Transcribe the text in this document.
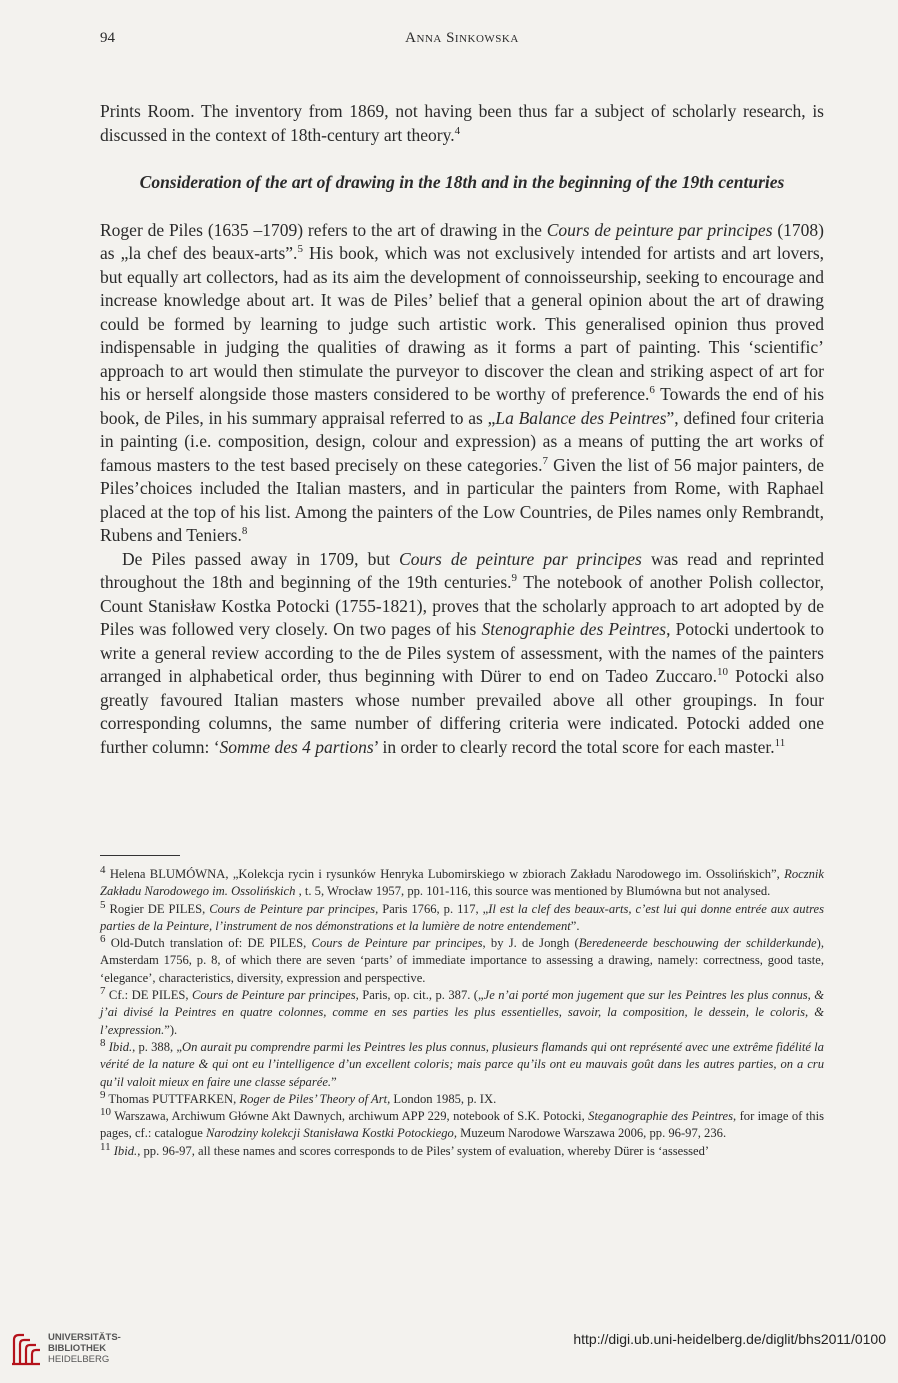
94	Anna Sinkowska

Prints Room. The inventory from 1869, not having been thus far a subject of scholarly research, is discussed in the context of 18th-century art theory.$^4$

Consideration of the art of drawing in the 18th and in the beginning of the 19th centuries

Roger de Piles (1635 –1709) refers to the art of drawing in the Cours de peinture par principes (1708) as „la chef des beaux-arts”.$^5$ His book, which was not exclusively intended for artists and art lovers, but equally art collectors, had as its aim the development of connoisseurship, seeking to encourage and increase knowledge about art. It was de Piles’ belief that a general opinion about the art of drawing could be formed by learning to judge such artistic work. This generalised opinion thus proved indispensable in judging the qualities of drawing as it forms a part of painting. This ‘scientific’ approach to art would then stimulate the purveyor to discover the clean and striking aspect of art for his or herself alongside those masters considered to be worthy of preference.$^6$ Towards the end of his book, de Piles, in his summary appraisal referred to as „La Balance des Peintres”, defined four criteria in painting (i.e. composition, design, colour and expression) as a means of putting the art works of famous masters to the test based precisely on these categories.$^7$ Given the list of 56 major painters, de Piles’choices included the Italian masters, and in particular the painters from Rome, with Raphael placed at the top of his list. Among the painters of the Low Countries, de Piles names only Rembrandt, Rubens and Teniers.$^8$

De Piles passed away in 1709, but Cours de peinture par principes was read and reprinted throughout the 18th and beginning of the 19th centuries.$^9$ The notebook of another Polish collector, Count Stanisław Kostka Potocki (1755-1821), proves that the scholarly approach to art adopted by de Piles was followed very closely. On two pages of his Stenographie des Peintres, Potocki undertook to write a general review according to the de Piles system of assessment, with the names of the painters arranged in alphabetical order, thus beginning with Dürer to end on Tadeo Zuccaro.$^{10}$ Potocki also greatly favoured Italian masters whose number prevailed above all other groupings. In four corresponding columns, the same number of differing criteria were indicated. Potocki added one further column: ‘Somme des 4 partions’ in order to clearly record the total score for each master.$^{11}$

$^4$ Helena BLUMÓWNA, „Kolekcja rycin i rysunków Henryka Lubomirskiego w zbiorach Zakładu Narodowego im. Ossolińskich”, Rocznik Zakładu Narodowego im. Ossolińskich , t. 5, Wrocław 1957, pp. 101-116, this source was mentioned by Blumówna but not analysed.

$^5$ Rogier DE PILES, Cours de Peinture par principes, Paris 1766, p. 117, „Il est la clef des beaux-arts, c’est lui qui donne entrée aux autres parties de la Peinture, l’instrument de nos démonstrations et la lumière de notre entendement”.

$^6$ Old-Dutch translation of: DE PILES, Cours de Peinture par principes, by J. de Jongh (Beredeneerde beschouwing der schilderkunde), Amsterdam 1756, p. 8, of which there are seven ‘parts’ of immediate importance to assessing a drawing, namely: correctness, good taste, ‘elegance’, characteristics, diversity, expression and perspective.

$^7$ Cf.: DE PILES, Cours de Peinture par principes, Paris, op. cit., p. 387. („Je n’ai porté mon jugement que sur les Peintres les plus connus, & j’ai divisé la Peintres en quatre colonnes, comme en ses parties les plus essentielles, savoir, la composition, le dessein, le coloris, & l’expression.”).

$^8$ Ibid., p. 388, „On aurait pu comprendre parmi les Peintres les plus connus, plusieurs flamands qui ont représenté avec une extrême fidélité la vérité de la nature & qui ont eu l’intelligence d’un excellent coloris; mais parce qu’ils ont eu mauvais goût dans les autres parties, on a cru qu’il valoit mieux en faire une classe séparée.”

$^9$ Thomas PUTTFARKEN, Roger de Piles’ Theory of Art, London 1985, p. IX.

$^{10}$ Warszawa, Archiwum Główne Akt Dawnych, archiwum APP 229, notebook of S.K. Potocki, Steganographie des Peintres, for image of this pages, cf.: catalogue Narodziny kolekcji Stanisława Kostki Potockiego, Muzeum Narodowe Warszawa 2006, pp. 96-97, 236.

$^{11}$ Ibid., pp. 96-97, all these names and scores corresponds to de Piles’ system of evaluation, whereby Dürer is ‘assessed’

UNIVERSITÄTS-
BIBLIOTHEK
HEIDELBERG
http://digi.ub.uni-heidelberg.de/diglit/bhs2011/0100
